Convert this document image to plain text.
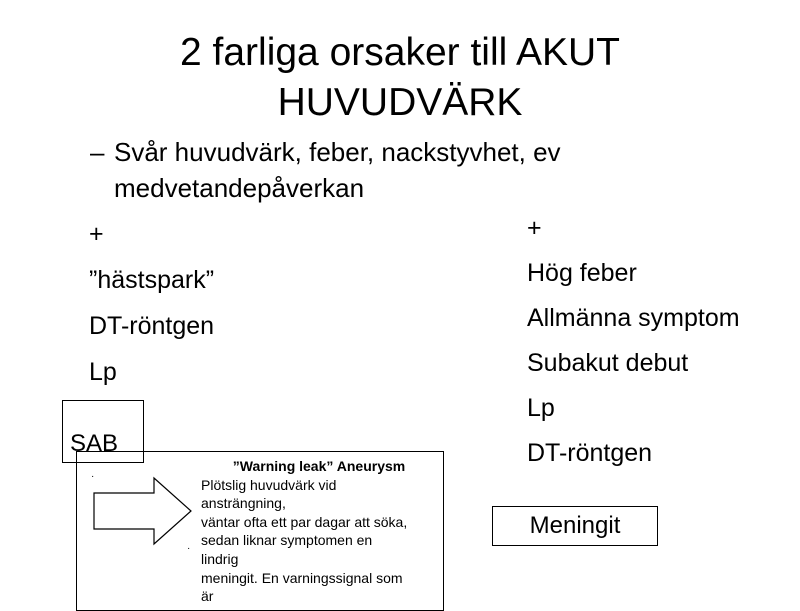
2 farliga orsaker till AKUT
HUVUDVÄRK
– Svår huvudvärk, feber, nackstyvhet, ev
medvetandepåverkan
+
”hästspark”
DT-röntgen
Lp
+
Hög feber
Allmänna symptom
Subakut debut
Lp
DT-röntgen
SAB
Meningit
·
·
”Warning leak” Aneurysm
Plötslig huvudvärk vid
ansträngning,
väntar ofta ett par dagar att söka,
sedan liknar symptomen en
lindrig
meningit. En varningssignal som
är
